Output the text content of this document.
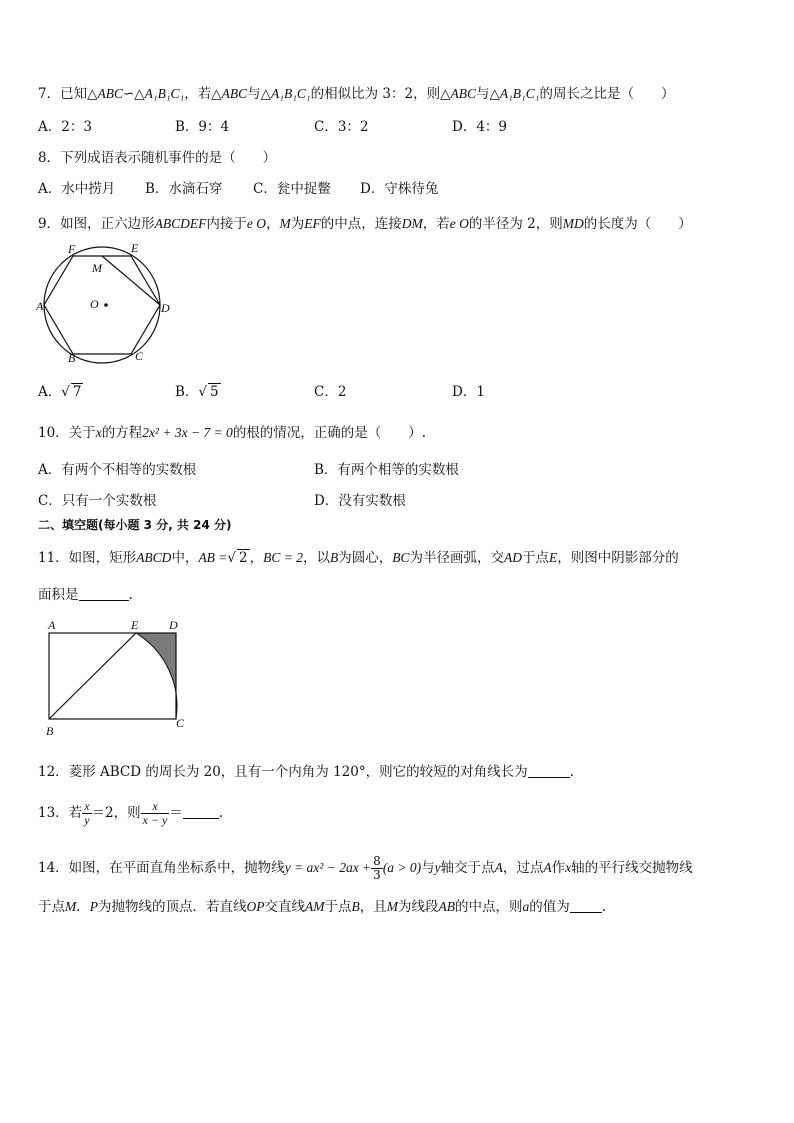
7．已知△ABC∽△A₁B₁C₁，若△ABC与△A₁B₁C₁的相似比为 3：2，则△ABC与△A₁B₁C₁的周长之比是（　　）
A．2：3	B．9：4	C．3：2	D．4：9
8．下列成语表示随机事件的是（　　）
A．水中捞月 B．水滴石穿 C．瓮中捉鳖 D．守株待兔
9．如图，正六边形ABCDEF内接于e O，M为EF的中点，连接DM，若e O的半径为 2，则MD的长度为（　　）
F	E
M
A	O	D
B	C
A．√ 7	B．√ 5	C．2	D．1
10．关于x的方程2x² + 3x − 7 = 0的根的情况，正确的是（　　）.
A．有两个不相等的实数根	B．有两个相等的实数根
C．只有一个实数根	D．没有实数根
二、填空题(每小题 3 分, 共 24 分)
11．如图，矩形ABCD中，AB =√ 2 ，BC = 2，以B为圆心，BC为半径画弧，交AD于点E，则图中阴影部分的
面积是	.
A	E	D
B
C
12．菱形 ABCD 的周长为 20，且有一个内角为 120°，则它的较短的对角线长为	.
13．若 $\frac{x}{y} =2$，则 $\frac{x}{x - y}$ ＝	.
14．如图，在平面直角坐标系中，抛物线$y = ax^2 - 2ax + \frac{8}{3} (a > 0)$与y轴交于点A，过点A作x轴的平行线交抛物线
于点M．P为抛物线的顶点．若直线OP交直线AM于点B，且M为线段AB的中点，则a的值为 .
